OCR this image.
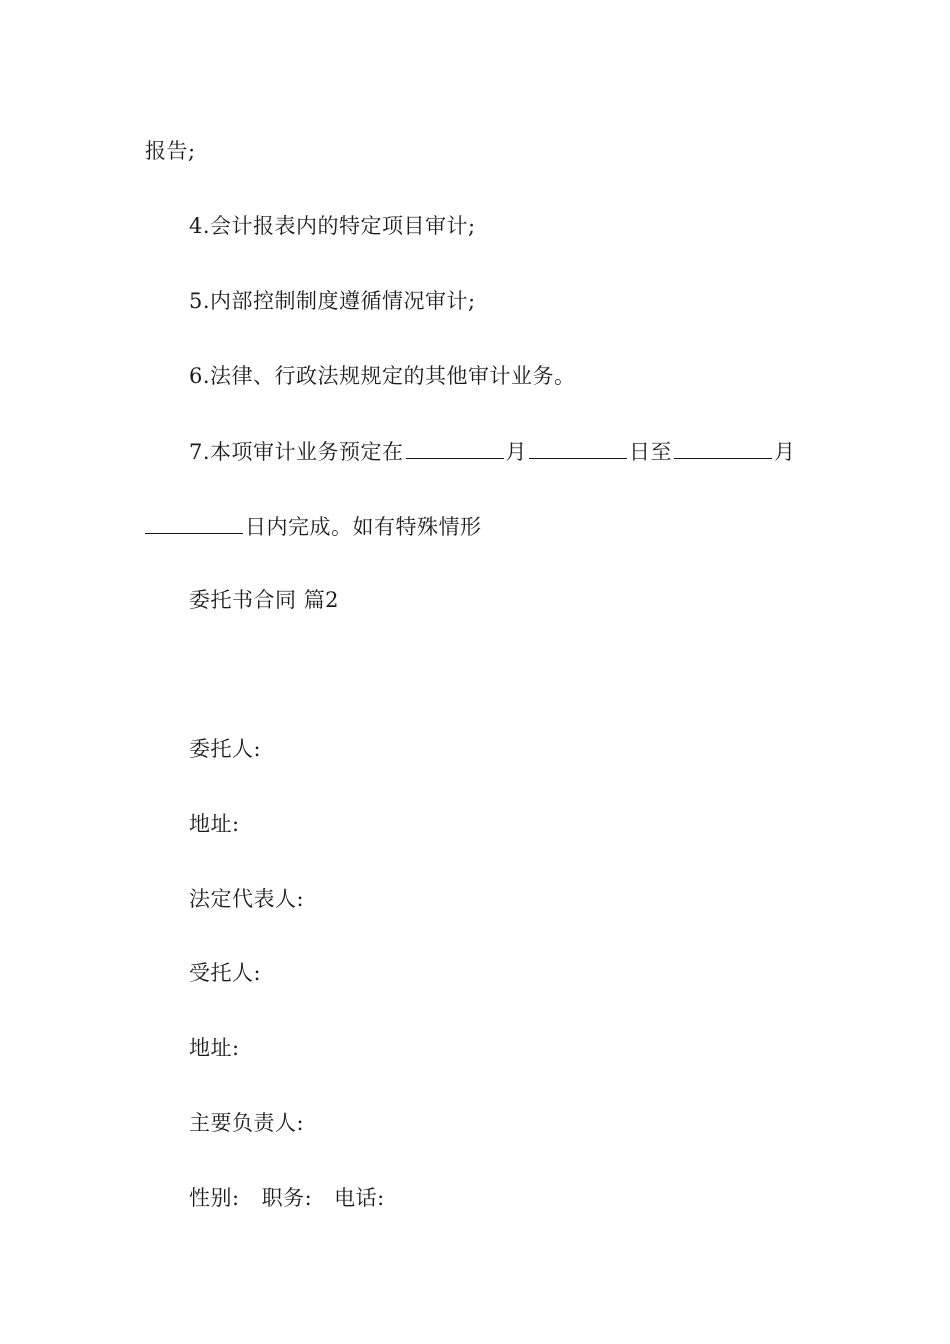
报告;
4.会计报表内的特定项目审计;
5.内部控制制度遵循情况审计;
6.法律、行政法规规定的其他审计业务。
7.本项审计业务预定在	月	日至	月
日内完成。如有特殊情形
委托书合同 篇2
委托人:
地址:
法定代表人:
受托人:
地址:
主要负责人:
性别: 职务: 电话:
